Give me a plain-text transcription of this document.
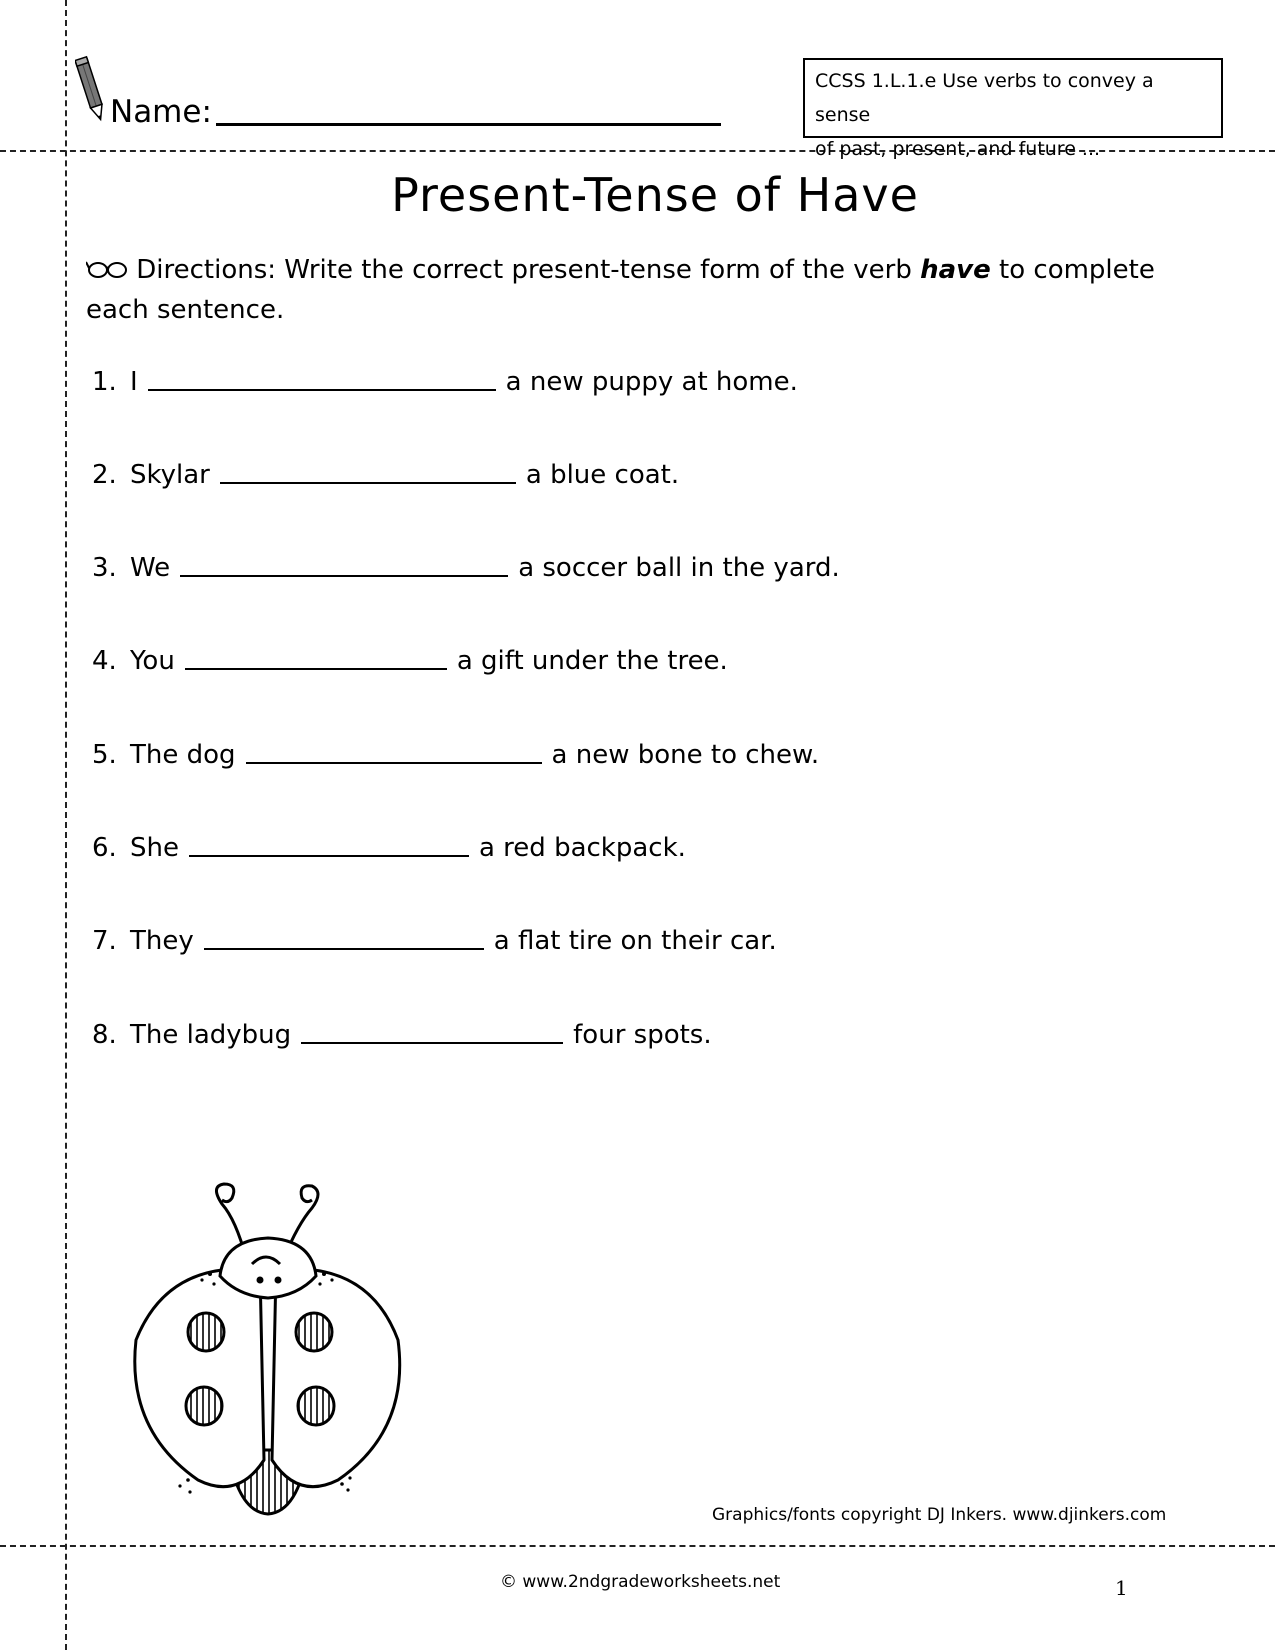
Name:
CCSS 1.L.1.e Use verbs to convey a sense
of past, present, and future ...
Present-Tense of Have
Directions: Write the correct present-tense form of the verb have to complete each sentence.
1. I	a new puppy at home.
2. Skylar	a blue coat.
3. We	a soccer ball in the yard.
4. You	a gift under the tree.
5. The dog	a new bone to chew.
6. She	a red backpack.
7. They	a flat tire on their car.
8. The ladybug	four spots.
Graphics/fonts copyright DJ Inkers. www.djinkers.com
© www.2ndgradeworksheets.net	1
